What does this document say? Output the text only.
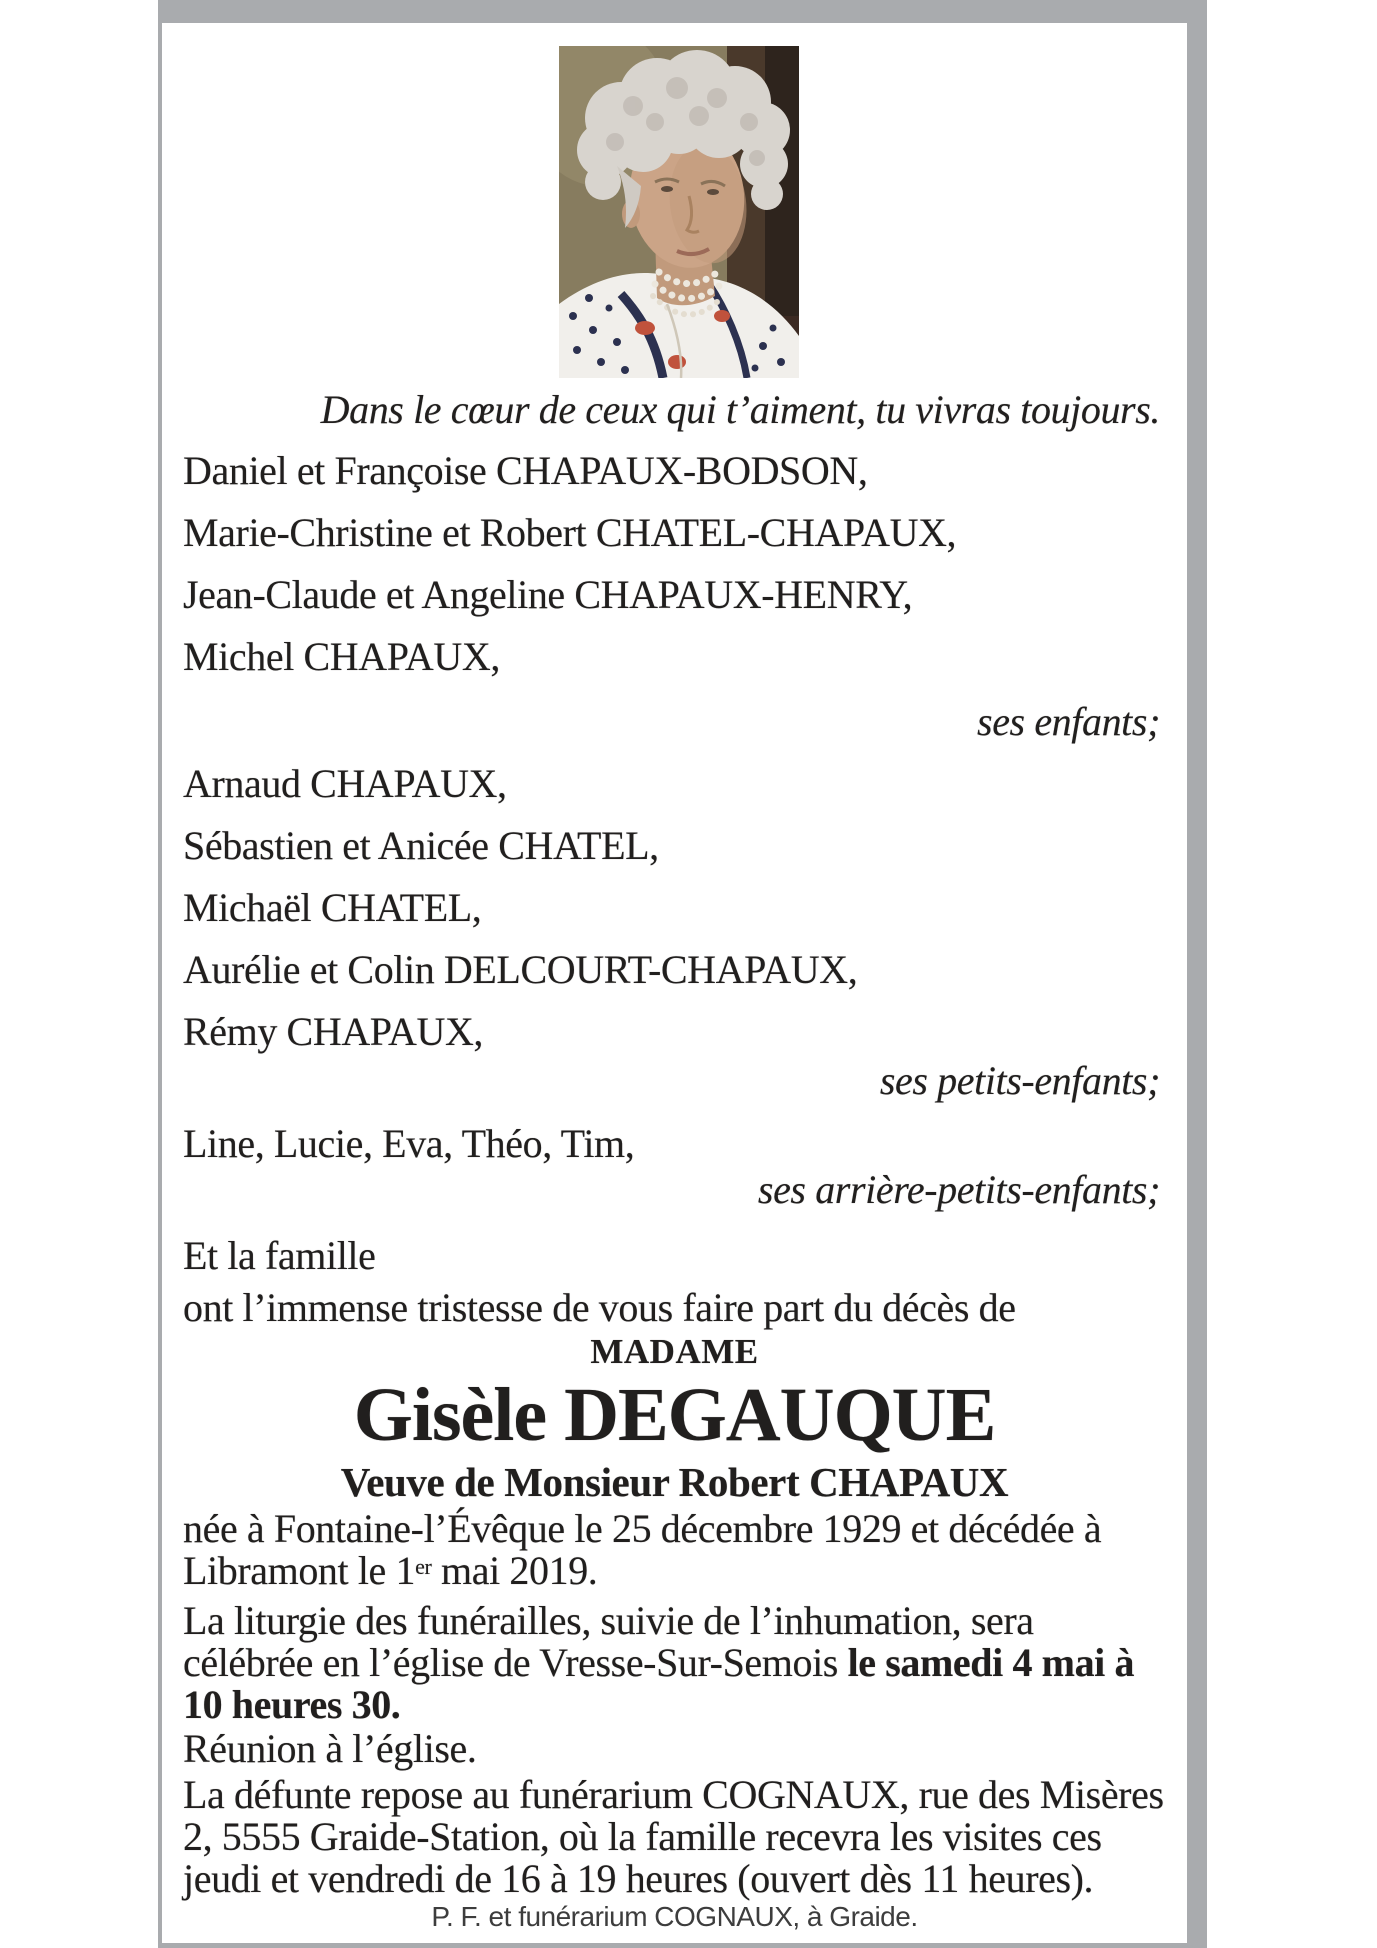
Dans le cœur de ceux qui t’aiment, tu vivras toujours.
Daniel et Françoise CHAPAUX-BODSON,
Marie-Christine et Robert CHATEL-CHAPAUX,
Jean-Claude et Angeline CHAPAUX-HENRY,
Michel CHAPAUX,
ses enfants;
Arnaud CHAPAUX,
Sébastien et Anicée CHATEL,
Michaël CHATEL,
Aurélie et Colin DELCOURT-CHAPAUX,
Rémy CHAPAUX,
ses petits-enfants;
Line, Lucie, Eva, Théo, Tim,
ses arrière-petits-enfants;
Et la famille
ont l’immense tristesse de vous faire part du décès de
MADAME
Gisèle DEGAUQUE
Veuve de Monsieur Robert CHAPAUX
née à Fontaine-l’Évêque le 25 décembre 1929 et décédée à
Libramont le 1er mai 2019.
La liturgie des funérailles, suivie de l’inhumation, sera
célébrée en l’église de Vresse-Sur-Semois le samedi 4 mai à
10 heures 30.
Réunion à l’église.
La défunte repose au funérarium COGNAUX, rue des Misères
2, 5555 Graide-Station, où la famille recevra les visites ces
jeudi et vendredi de 16 à 19 heures (ouvert dès 11 heures).
P. F. et funérarium COGNAUX, à Graide.
